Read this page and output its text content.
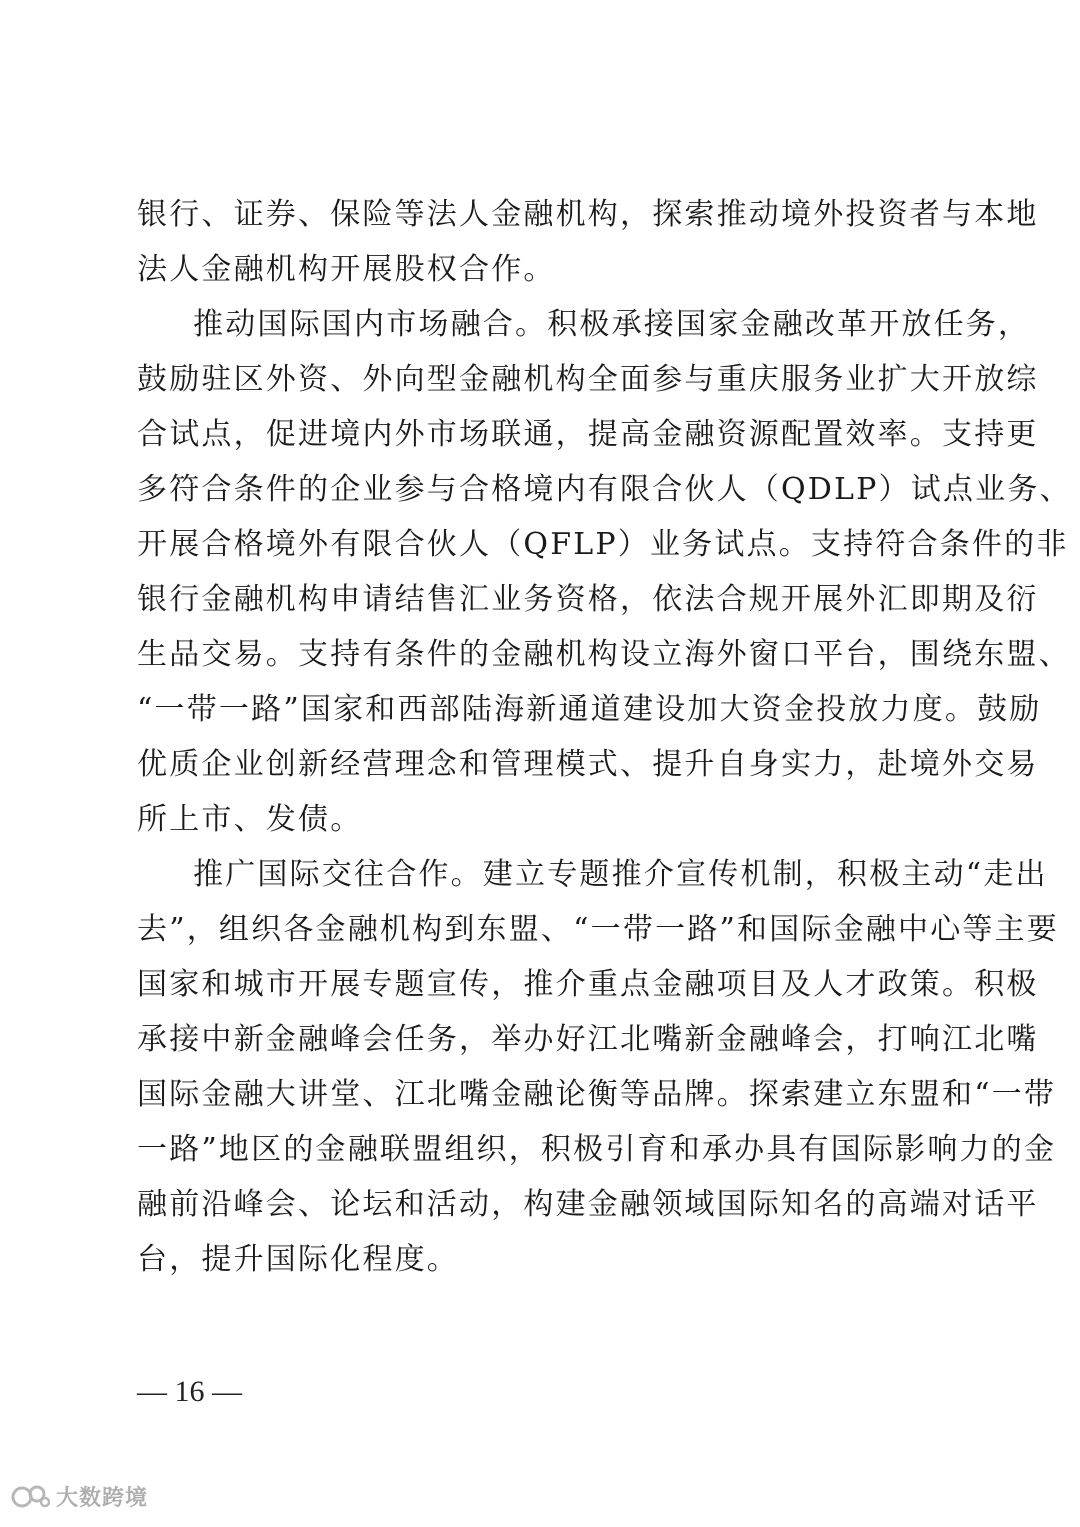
银行、证券、保险等法人金融机构，探索推动境外投资者与本地
法人金融机构开展股权合作。
推动国际国内市场融合。积极承接国家金融改革开放任务，
鼓励驻区外资、外向型金融机构全面参与重庆服务业扩大开放综
合试点，促进境内外市场联通，提高金融资源配置效率。支持更
多符合条件的企业参与合格境内有限合伙人（QDLP）试点业务、
开展合格境外有限合伙人（QFLP）业务试点。支持符合条件的非
银行金融机构申请结售汇业务资格，依法合规开展外汇即期及衍
生品交易。支持有条件的金融机构设立海外窗口平台，围绕东盟、
“一带一路”国家和西部陆海新通道建设加大资金投放力度。鼓励
优质企业创新经营理念和管理模式、提升自身实力，赴境外交易
所上市、发债。
推广国际交往合作。建立专题推介宣传机制，积极主动“走出
去”，组织各金融机构到东盟、“一带一路”和国际金融中心等主要
国家和城市开展专题宣传，推介重点金融项目及人才政策。积极
承接中新金融峰会任务，举办好江北嘴新金融峰会，打响江北嘴
国际金融大讲堂、江北嘴金融论衡等品牌。探索建立东盟和“一带
一路”地区的金融联盟组织，积极引育和承办具有国际影响力的金
融前沿峰会、论坛和活动，构建金融领域国际知名的高端对话平
台，提升国际化程度。
— 16 —
大数跨境
